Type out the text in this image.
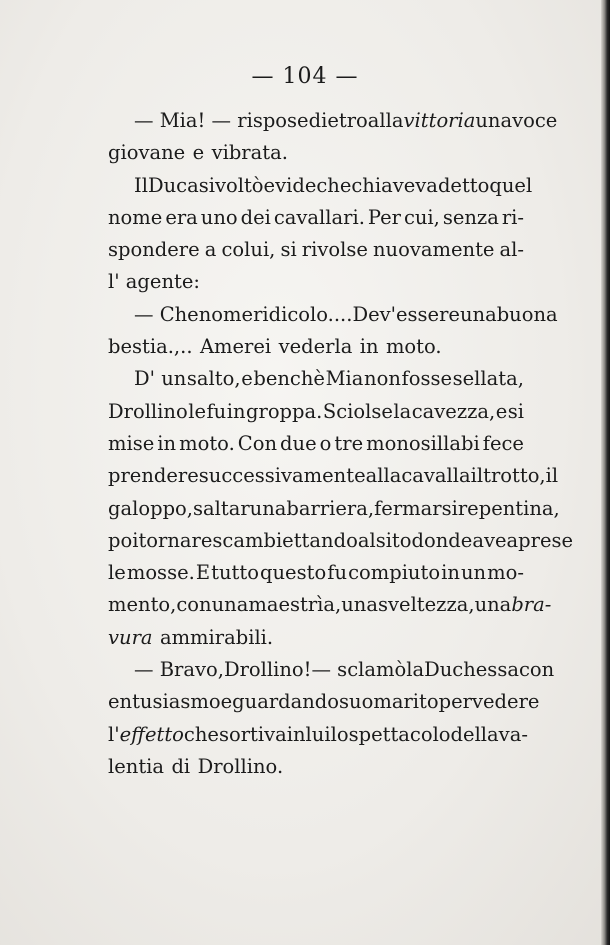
— 104 —
— Mia! — rispose dietro alla vittoria una voce
giovane e vibrata.
Il Duca si voltò e vide che chi aveva detto quel
nome era uno dei cavallari. Per cui, senza ri-
spondere a colui, si rivolse nuovamente al-
l' agente:
— Che nome ridicolo.... Dev'essere una buona
bestia.,.. Amerei vederla in moto.
D' un salto, e benchè Mia non fosse sellata,
Drollino le fu in groppa. Sciolse la cavezza, e si
mise in moto. Con due o tre monosillabi fece
prendere successivamente alla cavalla il trotto, il
galoppo, saltar una barriera, fermarsi repentina,
poi tornare scambiettando al sito donde avea prese
le mosse. E tutto questo fu compiuto in un mo-
mento, con una maestrìa, una sveltezza, una bra-
vura ammirabili.
— Bravo, Drollino! — sclamò la Duchessa con
entusiasmo e guardando suo marito per vedere
l' effetto che sortiva in lui lo spettacolo della va-
lentia di Drollino.
